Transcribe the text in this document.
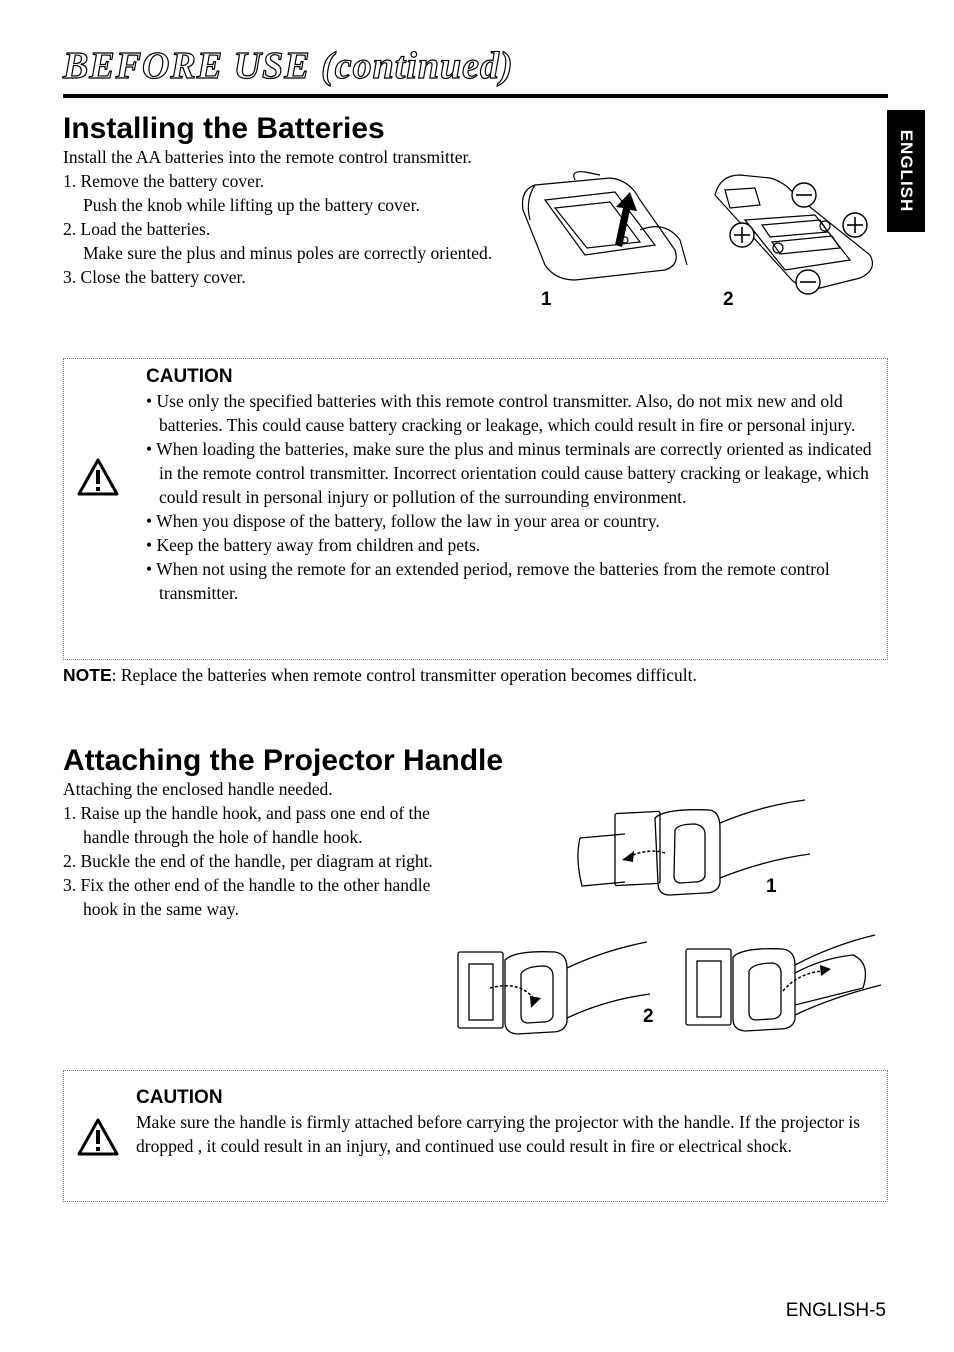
BEFORE USE (continued)
ENGLISH
Installing the Batteries

Install the AA batteries into the remote control transmitter.

1. Remove the battery cover.

Push the knob while lifting up the battery cover.

2. Load the batteries.

Make sure the plus and minus poles are correctly oriented.

3. Close the battery cover.

1	2
CAUTION

• Use only the specified batteries with this remote control transmitter. Also, do not mix new and old batteries. This could cause battery cracking or leakage, which could result in fire or personal injury.

• When loading the batteries, make sure the plus and minus terminals are correctly oriented as indicated in the remote control transmitter. Incorrect orientation could cause battery cracking or leakage, which could result in personal injury or pollution of the surrounding environment.

• When you dispose of the battery, follow the law in your area or country.

• Keep the battery away from children and pets.

• When not using the remote for an extended period, remove the batteries from the remote control transmitter.

NOTE: Replace the batteries when remote control transmitter operation becomes difficult.
Attaching the Projector Handle

Attaching the enclosed handle needed.

1. Raise up the handle hook, and pass one end of the

handle through the hole of handle hook.

2. Buckle the end of the handle, per diagram at right.

3. Fix the other end of the handle to the other handle

hook in the same way.

1
2
CAUTION
Make sure the handle is firmly attached before carrying the projector with the handle. If the projector is dropped , it could result in an injury, and continued use could result in fire or electrical shock.
ENGLISH-5
